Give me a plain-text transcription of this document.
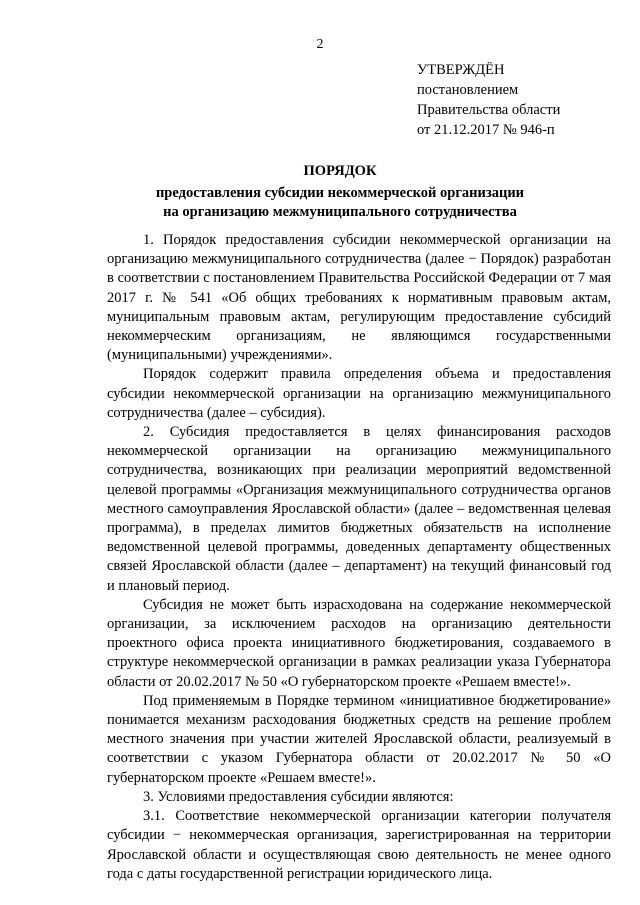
2
УТВЕРЖДЁН
постановлением
Правительства области
от 21.12.2017 № 946-п
ПОРЯДОК
предоставления субсидии некоммерческой организации
на организацию межмуниципального сотрудничества

1. Порядок предоставления субсидии некоммерческой организации на организацию межмуниципального сотрудничества (далее − Порядок) разработан в соответствии с постановлением Правительства Российской Федерации от 7 мая 2017 г. № 541 «Об общих требованиях к нормативным правовым актам, муниципальным правовым актам, регулирующим предоставление субсидий некоммерческим организациям, не являющимся государственными (муниципальными) учреждениями».

Порядок содержит правила определения объема и предоставления субсидии некоммерческой организации на организацию межмуниципального сотрудничества (далее – субсидия).

2. Субсидия предоставляется в целях финансирования расходов некоммерческой организации на организацию межмуниципального сотрудничества, возникающих при реализации мероприятий ведомственной целевой программы «Организация межмуниципального сотрудничества органов местного самоуправления Ярославской области» (далее – ведомственная целевая программа), в пределах лимитов бюджетных обязательств на исполнение ведомственной целевой программы, доведенных департаменту общественных связей Ярославской области (далее – департамент) на текущий финансовый год и плановый период.

Субсидия не может быть израсходована на содержание некоммерческой организации, за исключением расходов на организацию деятельности проектного офиса проекта инициативного бюджетирования, создаваемого в структуре некоммерческой организации в рамках реализации указа Губернатора области от 20.02.2017 № 50 «О губернаторском проекте «Решаем вместе!».

Под применяемым в Порядке термином «инициативное бюджетирование» понимается механизм расходования бюджетных средств на решение проблем местного значения при участии жителей Ярославской области, реализуемый в соответствии с указом Губернатора области от 20.02.2017 № 50 «О губернаторском проекте «Решаем вместе!».

3. Условиями предоставления субсидии являются:

3.1. Соответствие некоммерческой организации категории получателя субсидии − некоммерческая организация, зарегистрированная на территории Ярославской области и осуществляющая свою деятельность не менее одного года с даты государственной регистрации юридического лица.
